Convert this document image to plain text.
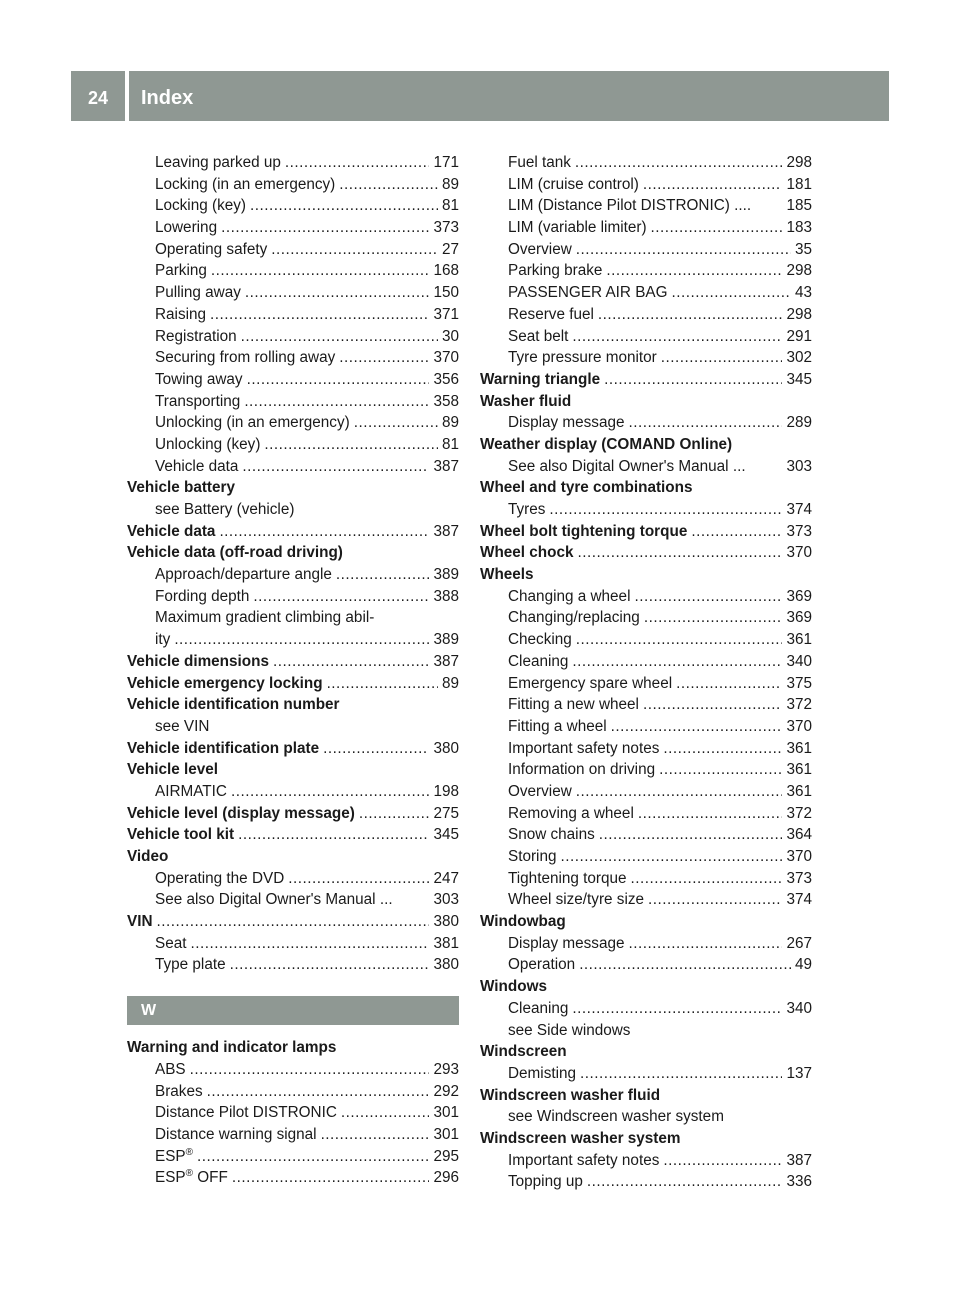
24	Index
Leaving parked up .....	171
Locking (in an emergency) .....	89
Locking (key) .....	81
Lowering .....	373
Operating safety .....	27
Parking .....	168
Pulling away .....	150
Raising .....	371
Registration .....	30
Securing from rolling away .....	370
Towing away .....	356
Transporting .....	358
Unlocking (in an emergency) .....	89
Unlocking (key) .....	81
Vehicle data .....	387
Vehicle battery
see Battery (vehicle)
Vehicle data .....	387
Vehicle data (off-road driving)
Approach/departure angle .....	389
Fording depth .....	388
Maximum gradient climbing abil-
ity .....	389
Vehicle dimensions .....	387
Vehicle emergency locking .....	89
Vehicle identification number
see VIN
Vehicle identification plate .....	380
Vehicle level
AIRMATIC .....	198
Vehicle level (display message) .....	275
Vehicle tool kit .....	345
Video
Operating the DVD .....	247
See also Digital Owner's Manual ...	303
VIN .....	380
Seat .....	381
Type plate .....	380
W
Warning and indicator lamps
ABS .....	293
Brakes .....	292
Distance Pilot DISTRONIC .....	301
Distance warning signal .....	301
ESP® .....	295
ESP® OFF .....	296
Fuel tank .....	298
LIM (cruise control) .....	181
LIM (Distance Pilot DISTRONIC) .... 185
LIM (variable limiter) .....	183
Overview .....	35
Parking brake .....	298
PASSENGER AIR BAG .....	43
Reserve fuel .....	298
Seat belt .....	291
Tyre pressure monitor .....	302
Warning triangle .....	345
Washer fluid
Display message .....	289
Weather display (COMAND Online)
See also Digital Owner's Manual ...	303
Wheel and tyre combinations
Tyres .....	374
Wheel bolt tightening torque .....	373
Wheel chock .....	370
Wheels
Changing a wheel .....	369
Changing/replacing .....	369
Checking .....	361
Cleaning .....	340
Emergency spare wheel .....	375
Fitting a new wheel .....	372
Fitting a wheel .....	370
Important safety notes .....	361
Information on driving .....	361
Overview .....	361
Removing a wheel .....	372
Snow chains .....	364
Storing .....	370
Tightening torque .....	373
Wheel size/tyre size .....	374
Windowbag
Display message .....	267
Operation .....	49
Windows
Cleaning .....	340
see Side windows
Windscreen
Demisting .....	137
Windscreen washer fluid
see Windscreen washer system
Windscreen washer system
Important safety notes .....	387
Topping up .....	336
